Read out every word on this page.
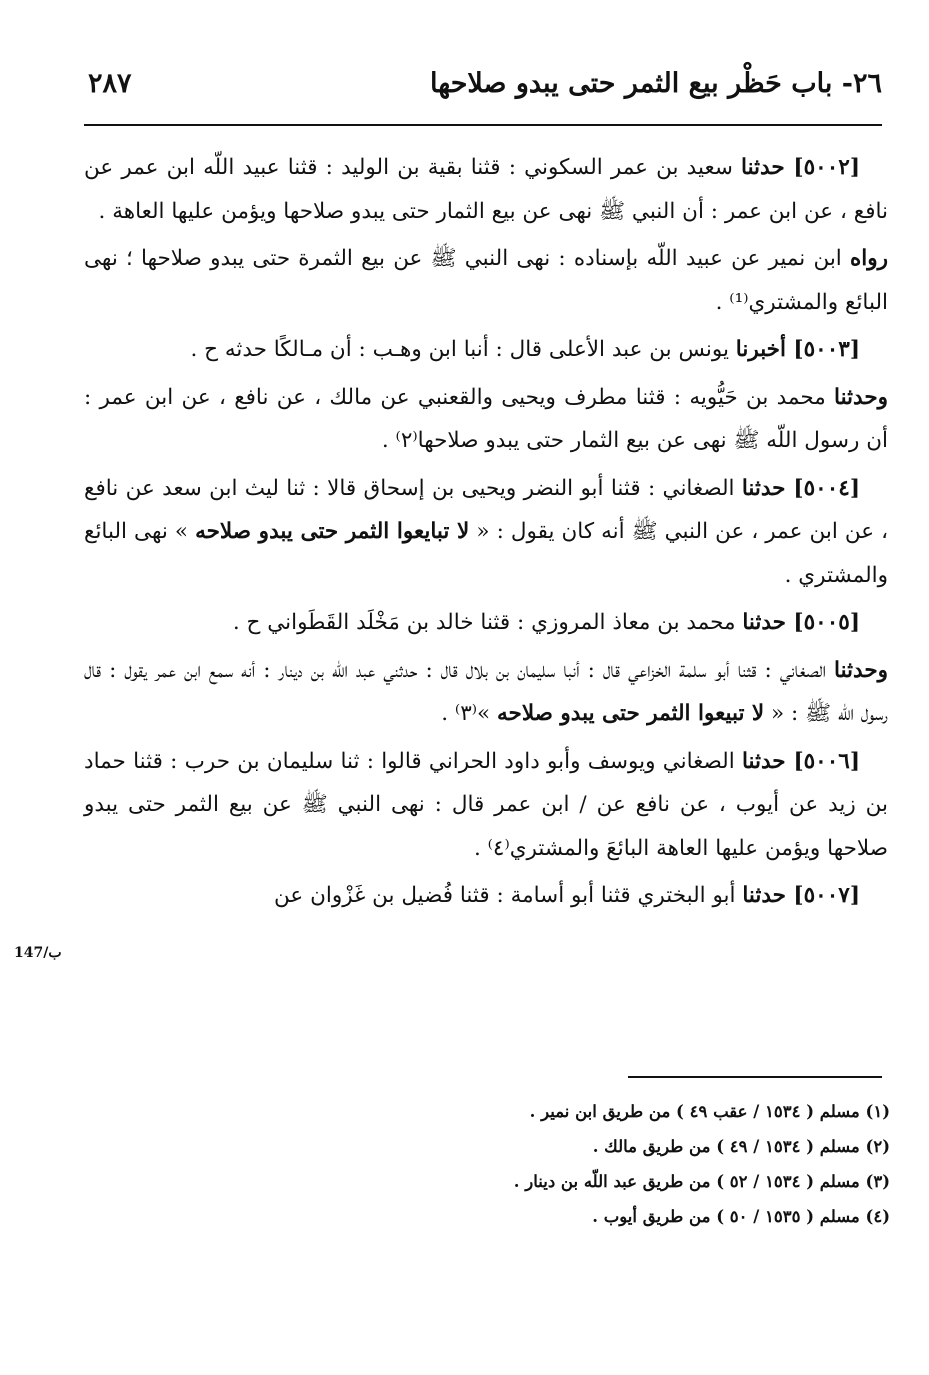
٢٦- باب حَظْر بيع الثمر حتى يبدو صلاحها
٢٨٧

[٥٠٠٢] حدثنا سعيد بن عمر السكوني : قثنا بقية بن الوليد : قثنا عبيد اللّه ابن عمر عن نافع ، عن ابن عمر : أن النبي ﷺ نهى عن بيع الثمار حتى يبدو صلاحها ويؤمن عليها العاهة .

رواه ابن نمير عن عبيد اللّه بإسناده : نهى النبي ﷺ عن بيع الثمرة حتى يبدو صلاحها ؛ نهى البائع والمشتري⁽¹⁾ .

[٥٠٠٣] أخبرنا يونس بن عبد الأعلى قال : أنبا ابن وهـب : أن مـالكًا حدثه ح .

وحدثنا محمد بن حَيُّويه : قثنا مطرف ويحيى والقعنبي عن مالك ، عن نافع ، عن ابن عمر : أن رسول اللّه ﷺ نهى عن بيع الثمار حتى يبدو صلاحها⁽٢⁾ .

[٥٠٠٤] حدثنا الصغاني : قثنا أبو النضر ويحيى بن إسحاق قالا : ثنا ليث ابن سعد عن نافع ، عن ابن عمر ، عن النبي ﷺ أنه كان يقول : « لا تبايعوا الثمر حتى يبدو صلاحه » نهى البائع والمشتري .

[٥٠٠٥] حدثنا محمد بن معاذ المروزي : قثنا خالد بن مَخْلَد القَطَواني ح .

وحدثنا الصغاني : قثنا أبو سلمة الخزاعي قال : أنبا سليمان بن بلال قال : حدثني عبد اللّه بن دينار : أنه سمع ابن عمر يقول : قال رسول اللّه ﷺ : « لا تبيعوا الثمر حتى يبدو صلاحه »⁽٣⁾ .

[٥٠٠٦] حدثنا الصغاني ويوسف وأبو داود الحراني قالوا : ثنا سليمان بن حرب : قثنا حماد بن زيد عن أيوب ، عن نافع عن / ابن عمر قال : نهى النبي ﷺ عن بيع الثمر حتى يبدو صلاحها ويؤمن عليها العاهة البائعَ والمشتري⁽٤⁾ .

[٥٠٠٧] حدثنا أبو البختري قثنا أبو أسامة : قثنا فُضيل بن غَزْوان عن

147/ب
(١) مسلم ( ١٥٣٤ / عقب ٤٩ ) من طريق ابن نمير .
(٢) مسلم ( ١٥٣٤ / ٤٩ ) من طريق مالك .
(٣) مسلم ( ١٥٣٤ / ٥٢ ) من طريق عبد اللّه بن دينار .
(٤) مسلم ( ١٥٣٥ / ٥٠ ) من طريق أيوب .
